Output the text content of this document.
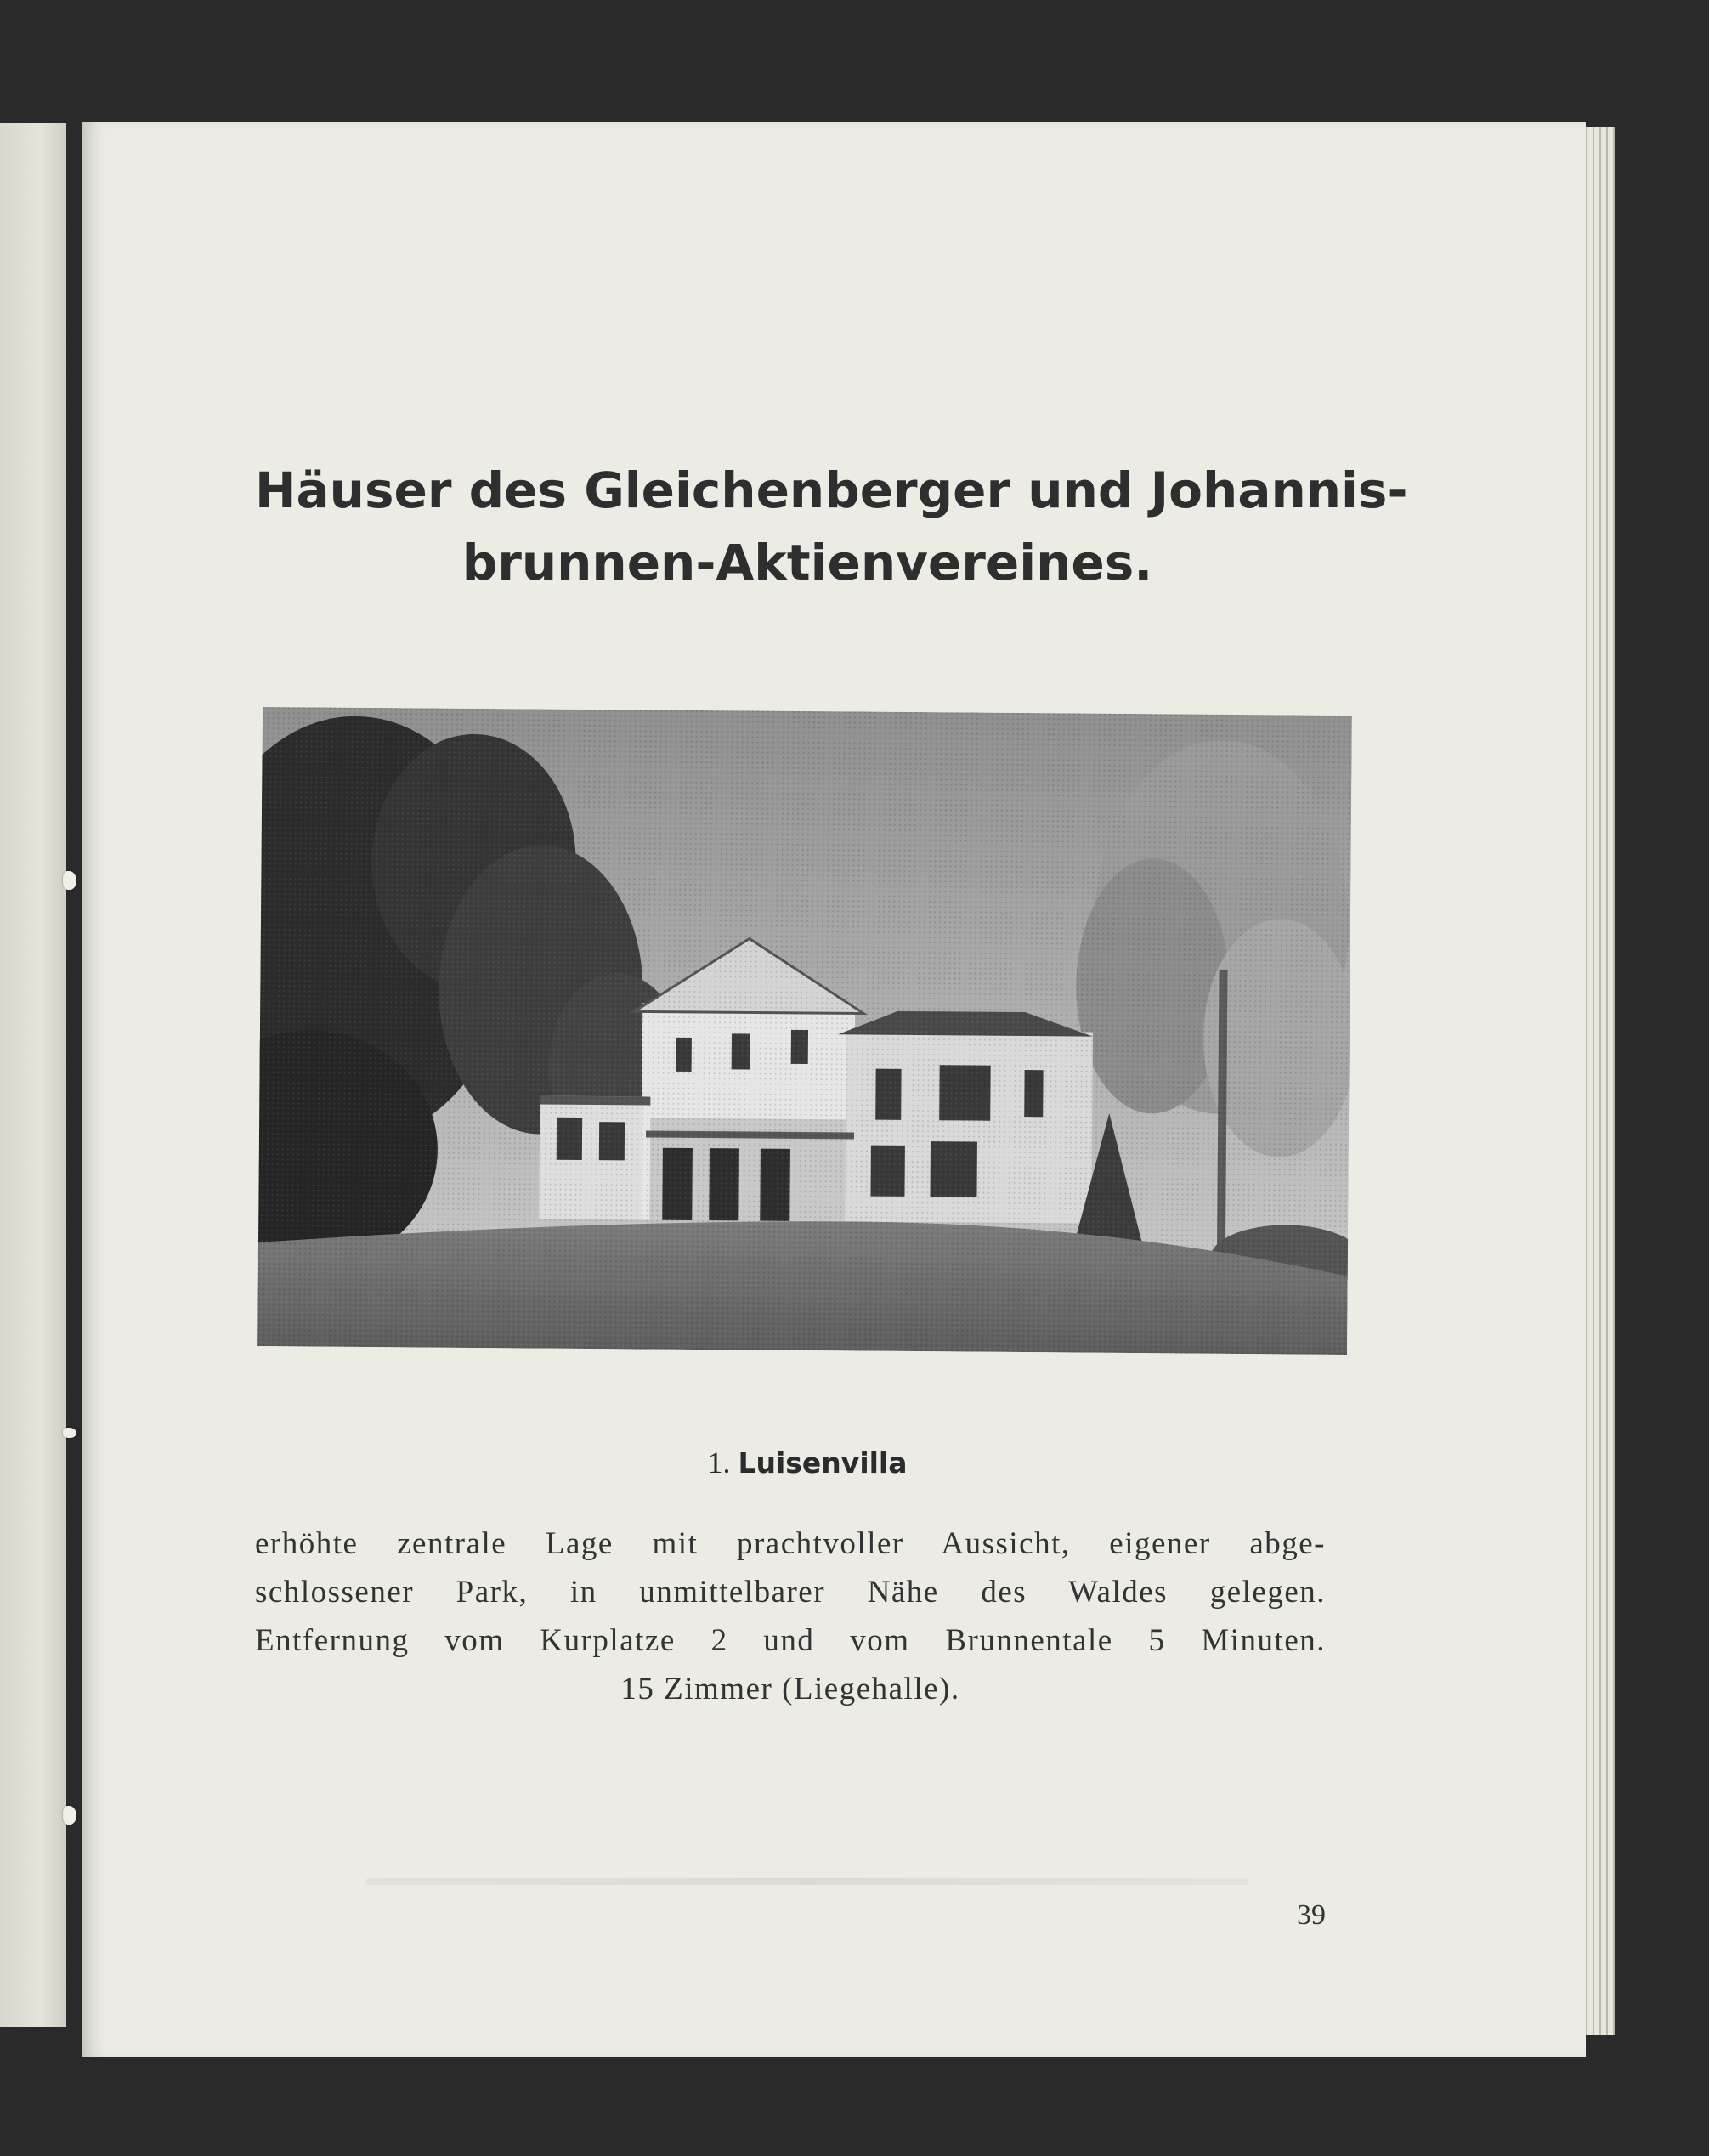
Häuser des Gleichenberger und Johannis-
brunnen-Aktienvereines.
1. Luisenvilla
erhöhte zentrale Lage mit prachtvoller Aussicht, eigener abge-
schlossener Park, in unmittelbarer Nähe des Waldes gelegen.
Entfernung vom Kurplatze 2 und vom Brunnentale 5 Minuten.
15 Zimmer (Liegehalle).
39
